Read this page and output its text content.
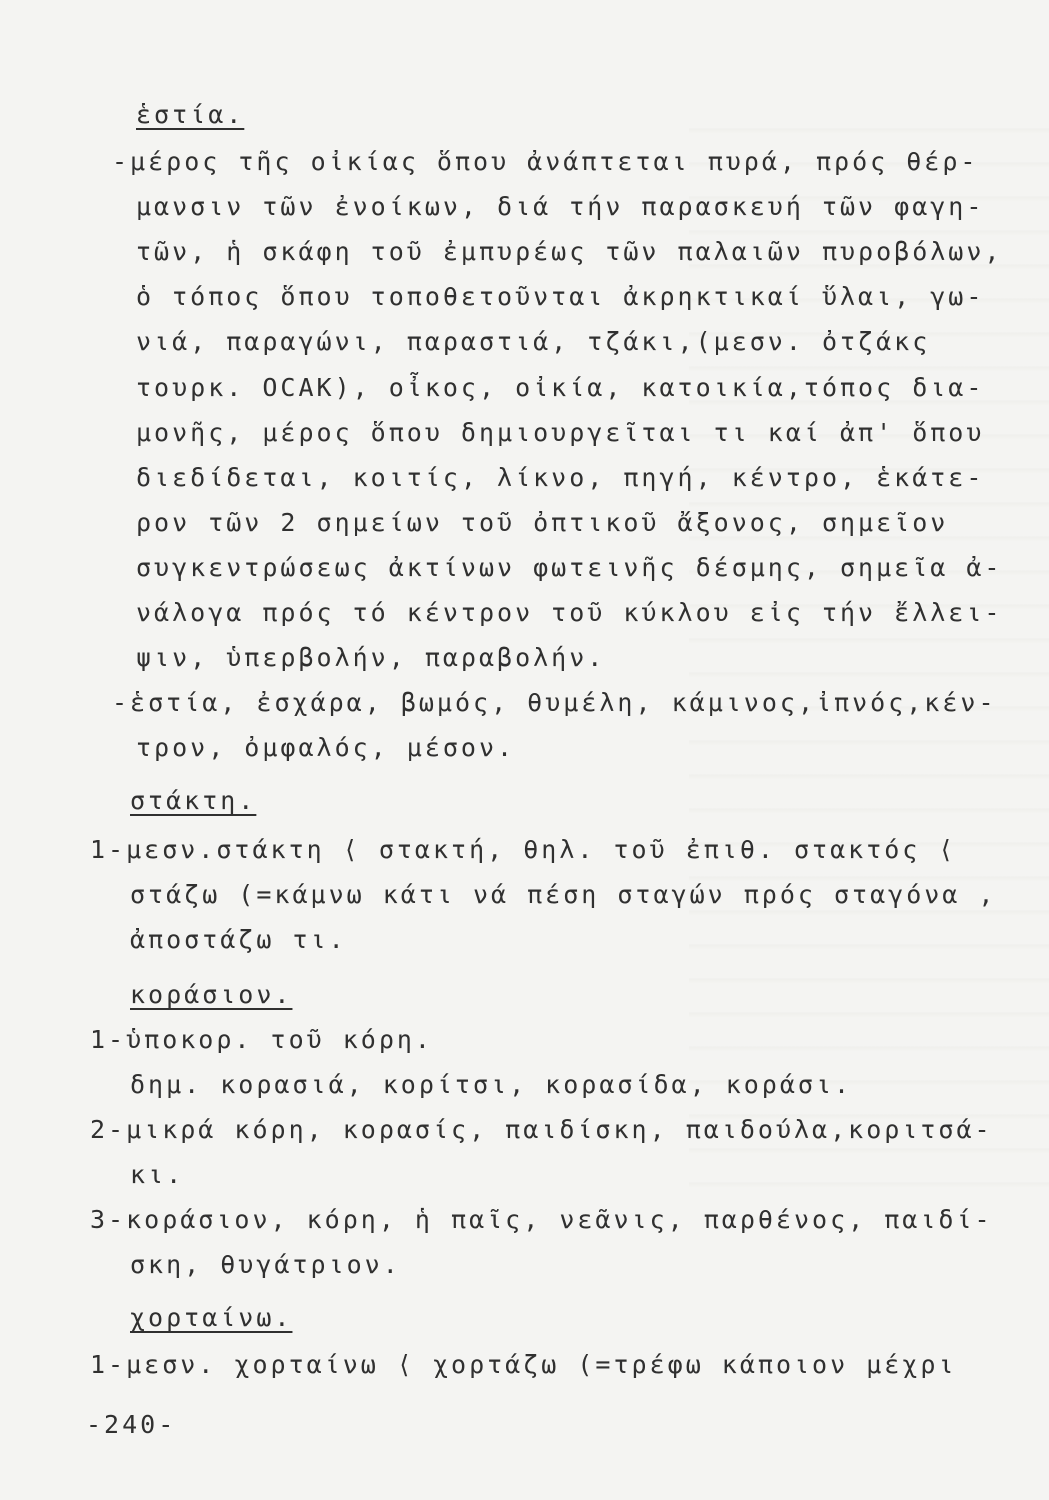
ἑστία.
-μέρος τῆς οἰκίας ὅπου ἀνάπτεται πυρά, πρός θέρ-
μανσιν τῶν ἐνοίκων, διά τήν παρασκευή τῶν φαγη-
τῶν, ἡ σκάφη τοῦ ἐμπυρέως τῶν παλαιῶν πυροβόλων,
ὁ τόπος ὅπου τοποθετοῦνται ἀκρηκτικαί ὕλαι, γω-
νιά, παραγώνι, παραστιά, τζάκι,(μεσν. ὀτζάκς
τουρκ. OCAK), οἶκος, οἰκία, κατοικία,τόπος δια-
μονῆς, μέρος ὅπου δημιουργεῖται τι καί ἀπ' ὅπου
διεδίδεται, κοιτίς, λίκνο, πηγή, κέντρο, ἑκάτε-
ρον τῶν 2 σημείων τοῦ ὀπτικοῦ ἄξονος, σημεῖον
συγκεντρώσεως ἀκτίνων φωτεινῆς δέσμης, σημεῖα ἀ-
νάλογα πρός τό κέντρον τοῦ κύκλου εἰς τήν ἔλλει-
ψιν, ὑπερβολήν, παραβολήν.
-ἑστία, ἐσχάρα, βωμός, θυμέλη, κάμινος,ἰπνός,κέν-
τρον, ὀμφαλός, μέσον.
στάκτη.
1-μεσν.στάκτη ⟨ στακτή, θηλ. τοῦ ἐπιθ. στακτός ⟨
στάζω (=κάμνω κάτι νά πέση σταγών πρός σταγόνα ,
ἀποστάζω τι.
κοράσιον.
1-ὑποκορ. τοῦ κόρη.
δημ. κορασιά, κορίτσι, κορασίδα, κοράσι.
2-μικρά κόρη, κορασίς, παιδίσκη, παιδούλα,κοριτσά-
κι.
3-κοράσιον, κόρη, ἡ παῖς, νεᾶνις, παρθένος, παιδί-
σκη, θυγάτριον.
χορταίνω.
1-μεσν. χορταίνω ⟨ χορτάζω (=τρέφω κάποιον μέχρι
-240-
